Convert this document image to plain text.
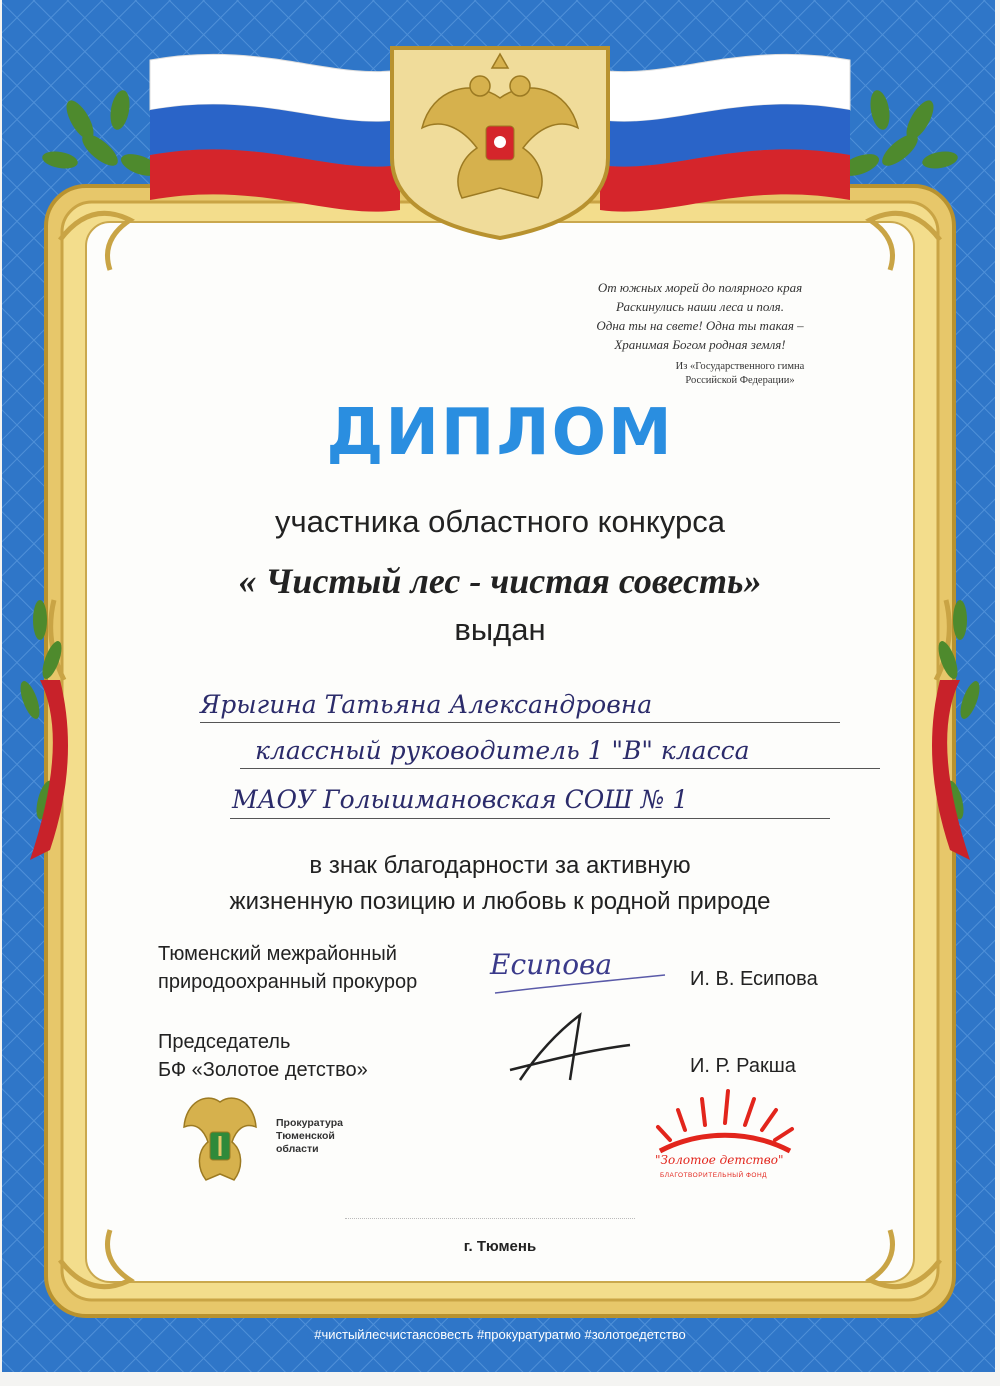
От южных морей до полярного края
Раскинулись наши леса и поля.
Одна ты на свете! Одна ты такая –
Хранимая Богом родная земля!
Из «Государственного гимна
Российской Федерации»
ДИПЛОМ
участника областного конкурса
« Чистый лес - чистая совесть»
выдан
Ярыгина Татьяна Александровна
классный руководитель 1 "В" класса
МАОУ Голышмановская СОШ № 1
в знак благодарности за активную
жизненную позицию и любовь к родной природе
Тюменский межрайонный
природоохранный прокурор
Есипова	И. В. Есипова
Председатель
БФ «Золотое детство»	И. Р. Ракша
Прокуратура
Тюменской
области
"Золотое детство"
БЛАГОТВОРИТЕЛЬНЫЙ ФОНД
г. Тюмень
#чистыйлесчистаясовесть #прокуратуратмо #золотоедетство
